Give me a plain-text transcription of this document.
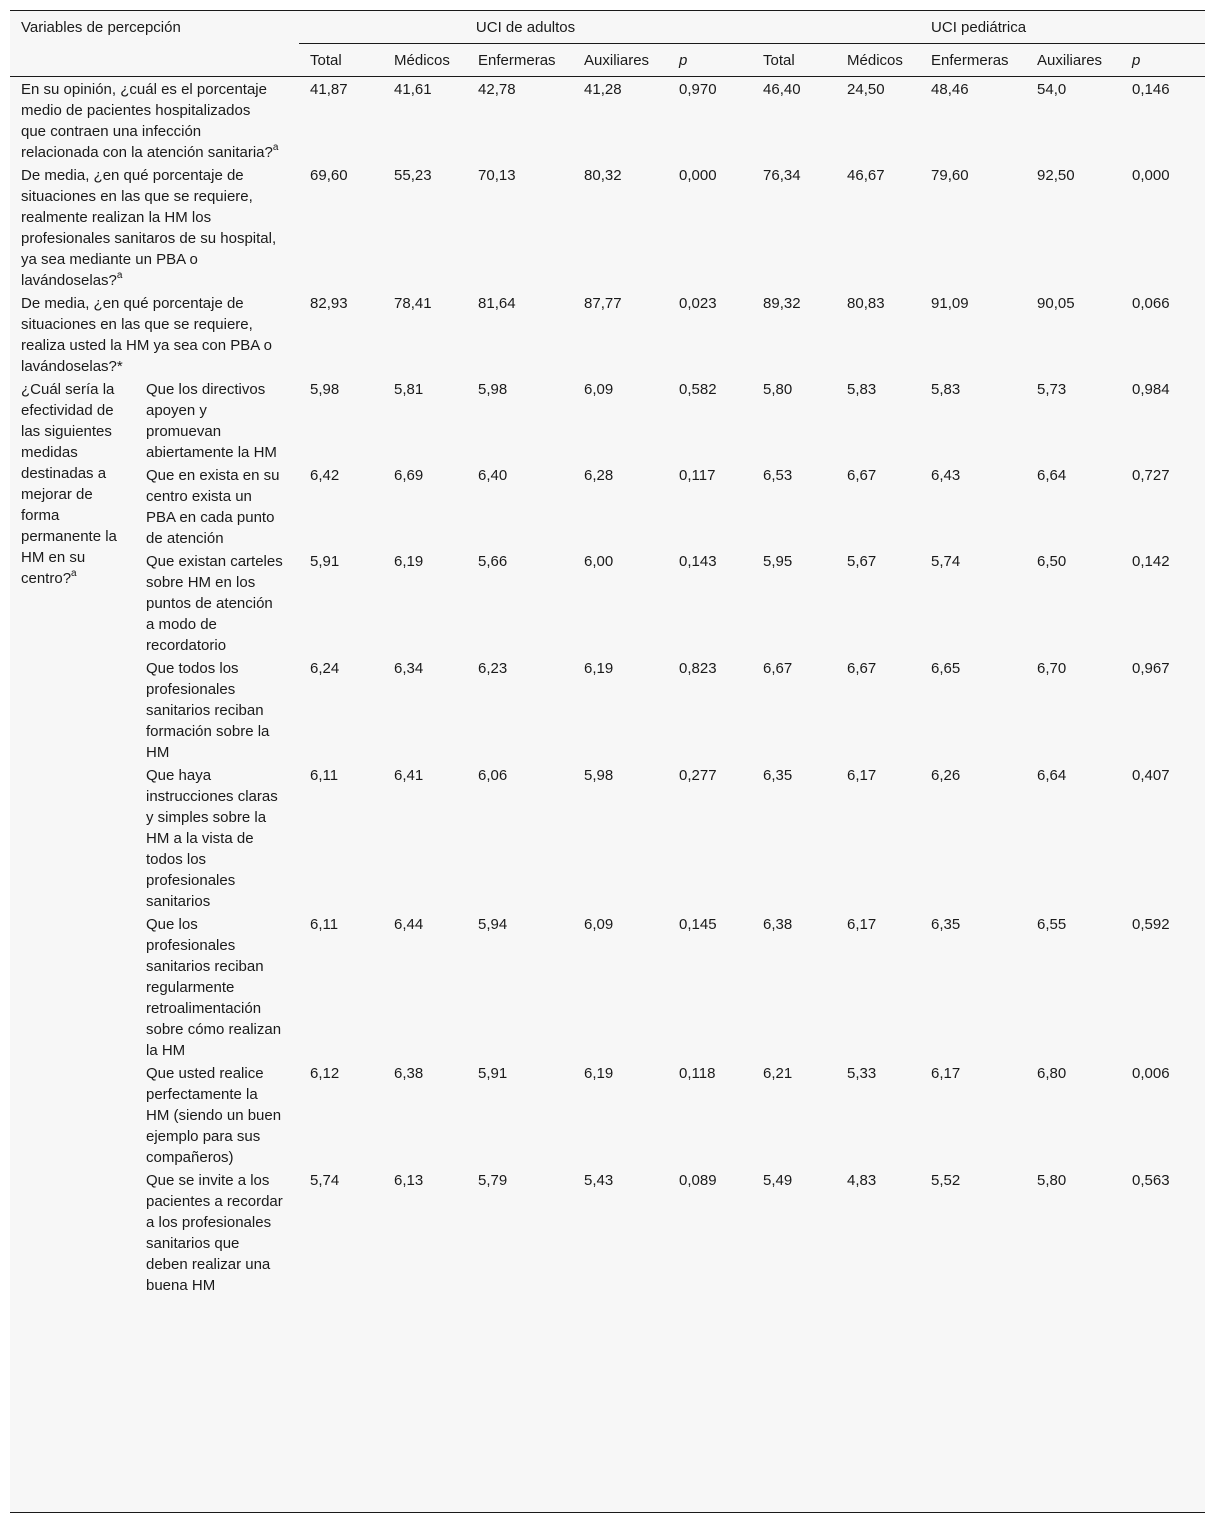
Variables de percepción		UCI de adultos					UCI pediátrica				
		Total	Médicos	Enfermeras	Auxiliares	p	Total	Médicos	Enfermeras	Auxiliares	p
En su opinión, ¿cuál es el porcentaje medio de pacientes hospitalizados que contraen una infección relacionada con la atención sanitaria?$^a$		41,87	41,61	42,78	41,28	0,970	46,40	24,50	48,46	54,0	0,146
De media, ¿en qué porcentaje de situaciones en las que se requiere, realmente realizan la HM los profesionales sanitaros de su hospital, ya sea mediante un PBA o lavándoselas?$^a$		69,60	55,23	70,13	80,32	0,000	76,34	46,67	79,60	92,50	0,000
De media, ¿en qué porcentaje de situaciones en las que se requiere, realiza usted la HM ya sea con PBA o lavándoselas?*		82,93	78,41	81,64	87,77	0,023	89,32	80,83	91,09	90,05	0,066
¿Cuál sería la efectividad de las siguientes medidas destinadas a mejorar de forma permanente la HM en su centro?$^a$	Que los directivos apoyen y promuevan abiertamente la HM	5,98	5,81	5,98	6,09	0,582	5,80	5,83	5,83	5,73	0,984
	Que en exista en su centro exista un PBA en cada punto de atención	6,42	6,69	6,40	6,28	0,117	6,53	6,67	6,43	6,64	0,727
	Que existan carteles sobre HM en los puntos de atención a modo de recordatorio	5,91	6,19	5,66	6,00	0,143	5,95	5,67	5,74	6,50	0,142
	Que todos los profesionales sanitarios reciban formación sobre la HM	6,24	6,34	6,23	6,19	0,823	6,67	6,67	6,65	6,70	0,967
	Que haya instrucciones claras y simples sobre la HM a la vista de todos los profesionales sanitarios	6,11	6,41	6,06	5,98	0,277	6,35	6,17	6,26	6,64	0,407
	Que los profesionales sanitarios reciban regularmente retroalimentación sobre cómo realizan la HM	6,11	6,44	5,94	6,09	0,145	6,38	6,17	6,35	6,55	0,592
	Que usted realice perfectamente la HM (siendo un buen ejemplo para sus compañeros)	6,12	6,38	5,91	6,19	0,118	6,21	5,33	6,17	6,80	0,006
	Que se invite a los pacientes a recordar a los profesionales sanitarios que deben realizar una buena HM	5,74	6,13	5,79	5,43	0,089	5,49	4,83	5,52	5,80	0,563
